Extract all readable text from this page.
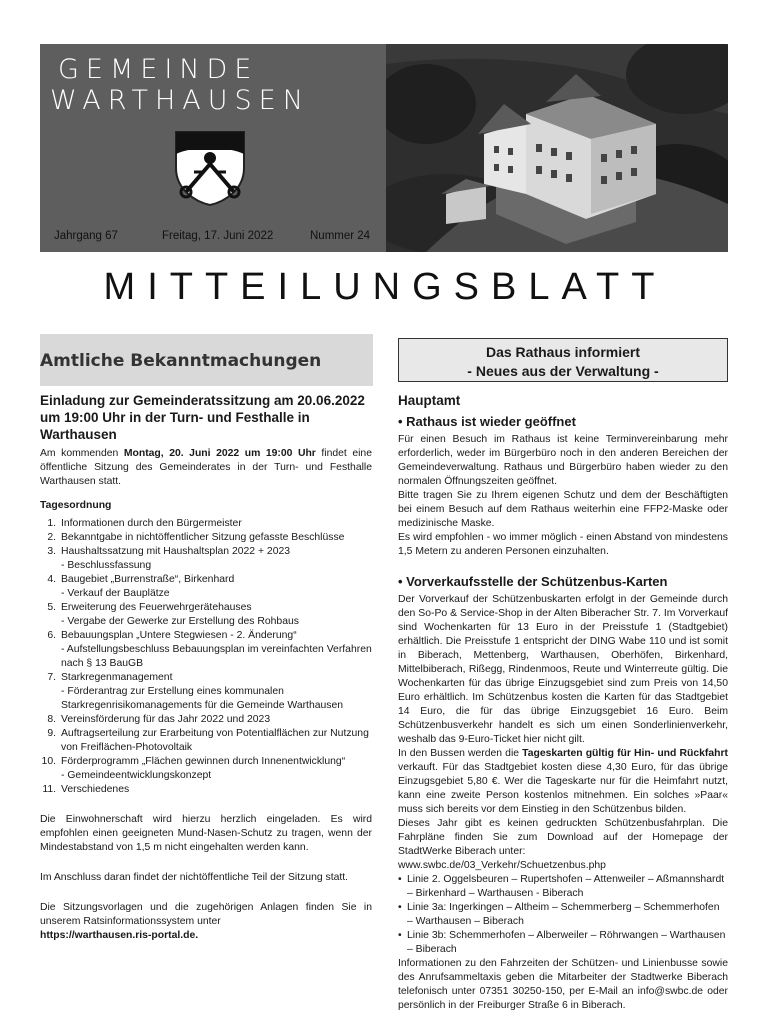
GEMEINDE
WARTHAUSEN
Jahrgang 67	Freitag, 17. Juni 2022	Nummer 24
MITTEILUNGSBLATT
Amtliche Bekanntmachungen
Einladung zur Gemeinderatssitzung am 20.06.2022 um 19:00 Uhr in der Turn- und Festhalle in Warthausen

Am kommenden Montag, 20. Juni 2022 um 19:00 Uhr findet eine öffentliche Sitzung des Gemeinderates in der Turn- und Festhalle Warthausen statt.

Tagesordnung

1. Informationen durch den Bürgermeister
2. Bekanntgabe in nichtöffentlicher Sitzung gefasste Beschlüsse
3. Haushaltssatzung mit Haushaltsplan 2022 + 2023
- Beschlussfassung
4. Baugebiet „Burrenstraße“, Birkenhard
- Verkauf der Bauplätze
5. Erweiterung des Feuerwehrgerätehauses
- Vergabe der Gewerke zur Erstellung des Rohbaus
6. Bebauungsplan „Untere Stegwiesen - 2. Änderung“
- Aufstellungsbeschluss Bebauungsplan im vereinfachten Verfahren nach § 13 BauGB
7. Starkregenmanagement
- Förderantrag zur Erstellung eines kommunalen Starkregenrisikomanagements für die Gemeinde Warthausen
8. Vereinsförderung für das Jahr 2022 und 2023
9. Auftragserteilung zur Erarbeitung von Potentialflächen zur Nutzung von Freiflächen-Photovoltaik
10. Förderprogramm „Flächen gewinnen durch Innenentwicklung“
- Gemeindeentwicklungskonzept
11. Verschiedenes

Die Einwohnerschaft wird hierzu herzlich eingeladen. Es wird empfohlen einen geeigneten Mund-Nasen-Schutz zu tragen, wenn der Mindestabstand von 1,5 m nicht eingehalten werden kann.

Im Anschluss daran findet der nichtöffentliche Teil der Sitzung statt.

Die Sitzungsvorlagen und die zugehörigen Anlagen finden Sie in unserem Ratsinformationssystem unter

https://warthausen.ris-portal.de.

Das Rathaus informiert
- Neues aus der Verwaltung -
Hauptamt
• Rathaus ist wieder geöffnet

Für einen Besuch im Rathaus ist keine Terminvereinbarung mehr erforderlich, weder im Bürgerbüro noch in den anderen Bereichen der Gemeindeverwaltung. Rathaus und Bürgerbüro haben wieder zu den normalen Öffnungszeiten geöffnet.

Bitte tragen Sie zu Ihrem eigenen Schutz und dem der Beschäftigten bei einem Besuch auf dem Rathaus weiterhin eine FFP2-Maske oder medizinische Maske.

Es wird empfohlen - wo immer möglich - einen Abstand von mindestens 1,5 Metern zu anderen Personen einzuhalten.

• Vorverkaufsstelle der Schützenbus-Karten

Der Vorverkauf der Schützenbuskarten erfolgt in der Gemeinde durch den So-Po & Service-Shop in der Alten Biberacher Str. 7. Im Vorverkauf sind Wochenkarten für 13 Euro in der Preisstufe 1 (Stadtgebiet) erhältlich. Die Preisstufe 1 entspricht der DING Wabe 110 und ist somit in Biberach, Mettenberg, Warthausen, Oberhöfen, Birkenhard, Mittelbiberach, Rißegg, Rindenmoos, Reute und Winterreute gültig. Die Wochenkarten für das übrige Einzugsgebiet sind zum Preis von 14,50 Euro erhältlich. Im Schützenbus kosten die Karten für das Stadtgebiet 14 Euro, die für das übrige Einzugsgebiet 16 Euro. Beim Schützenbusverkehr handelt es sich um einen Sonderlinienverkehr, weshalb das 9-Euro-Ticket hier nicht gilt.

In den Bussen werden die Tageskarten gültig für Hin- und Rückfahrt verkauft. Für das Stadtgebiet kosten diese 4,30 Euro, für das übrige Einzugsgebiet 5,80 €. Wer die Tageskarte nur für die Heimfahrt nutzt, kann eine zweite Person kostenlos mitnehmen. Ein solches »Paar« muss sich bereits vor dem Einstieg in den Schützenbus bilden.

Dieses Jahr gibt es keinen gedruckten Schützenbusfahrplan. Die Fahrpläne finden Sie zum Download auf der Homepage der StadtWerke Biberach unter:

www.swbc.de/03_Verkehr/Schuetzenbus.php

• Linie 2. Oggelsbeuren – Rupertshofen – Attenweiler – Aßmannshardt – Birkenhard – Warthausen - Biberach
• Linie 3a: Ingerkingen – Altheim – Schemmerberg – Schemmerhofen – Warthausen – Biberach
• Linie 3b: Schemmerhofen – Alberweiler – Röhrwangen – Warthausen – Biberach

Informationen zu den Fahrzeiten der Schützen- und Linienbusse sowie des Anrufsammeltaxis geben die Mitarbeiter der Stadtwerke Biberach telefonisch unter 07351 30250-150, per E-Mail an info@swbc.de oder persönlich in der Freiburger Straße 6 in Biberach.
